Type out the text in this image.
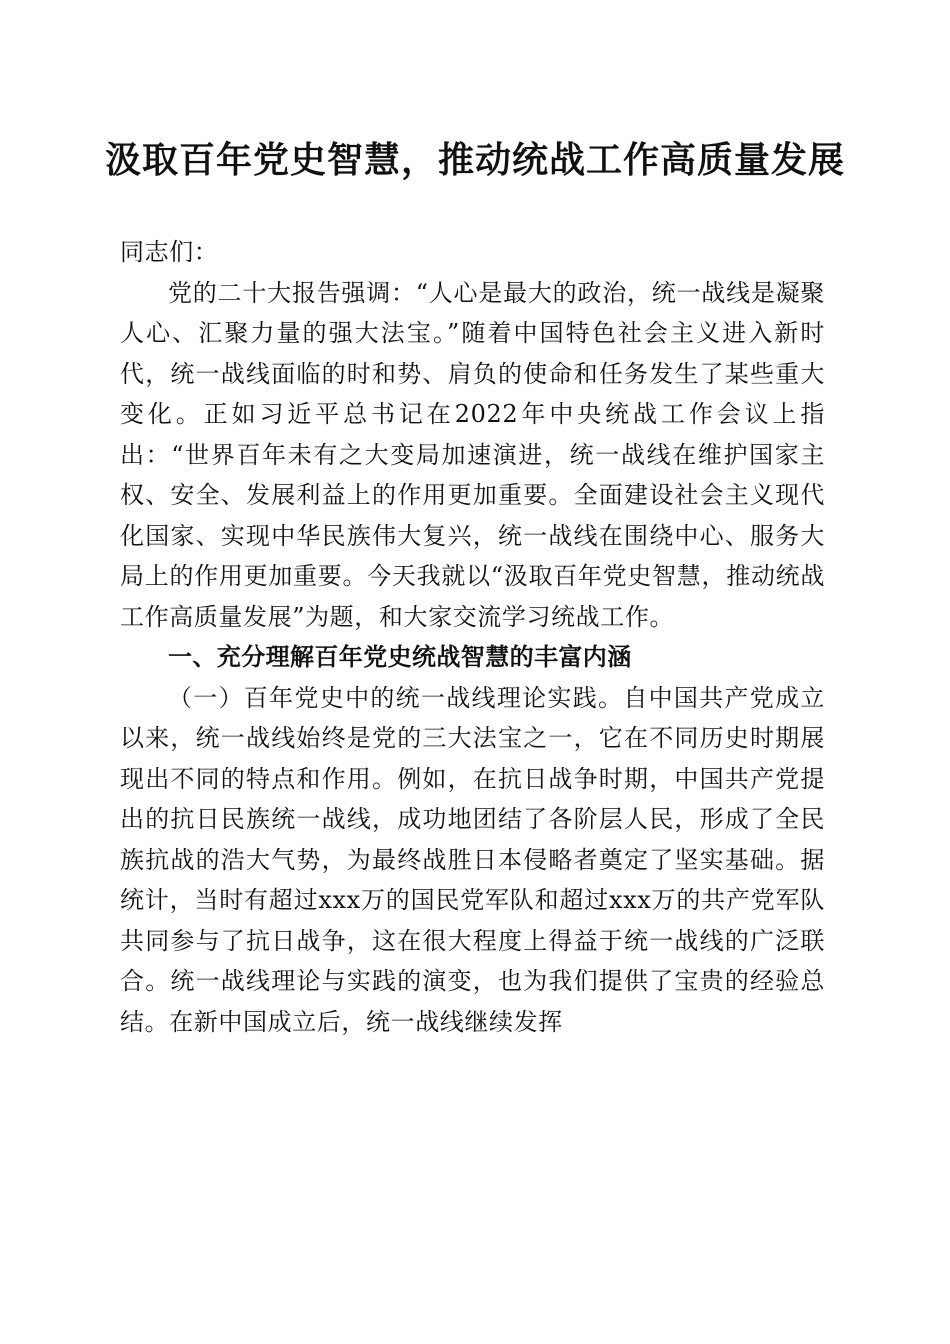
汲取百年党史智慧，推动统战工作高质量发展

同志们：

党的二十大报告强调：“人心是最大的政治，统一战线是凝聚人心、汇聚力量的强大法宝。”随着中国特色社会主义进入新时代，统一战线面临的时和势、肩负的使命和任务发生了某些重大变化。正如习近平总书记在2022年中央统战工作会议上指出：“世界百年未有之大变局加速演进，统一战线在维护国家主权、安全、发展利益上的作用更加重要。全面建设社会主义现代化国家、实现中华民族伟大复兴，统一战线在围绕中心、服务大局上的作用更加重要。今天我就以“汲取百年党史智慧，推动统战工作高质量发展”为题，和大家交流学习统战工作。

一、充分理解百年党史统战智慧的丰富内涵

（一）百年党史中的统一战线理论实践。自中国共产党成立以来，统一战线始终是党的三大法宝之一，它在不同历史时期展现出不同的特点和作用。例如，在抗日战争时期，中国共产党提出的抗日民族统一战线，成功地团结了各阶层人民，形成了全民族抗战的浩大气势，为最终战胜日本侵略者奠定了坚实基础。据统计，当时有超过xxx万的国民党军队和超过xxx万的共产党军队共同参与了抗日战争，这在很大程度上得益于统一战线的广泛联合。统一战线理论与实践的演变，也为我们提供了宝贵的经验总结。在新中国成立后，统一战线继续发挥
